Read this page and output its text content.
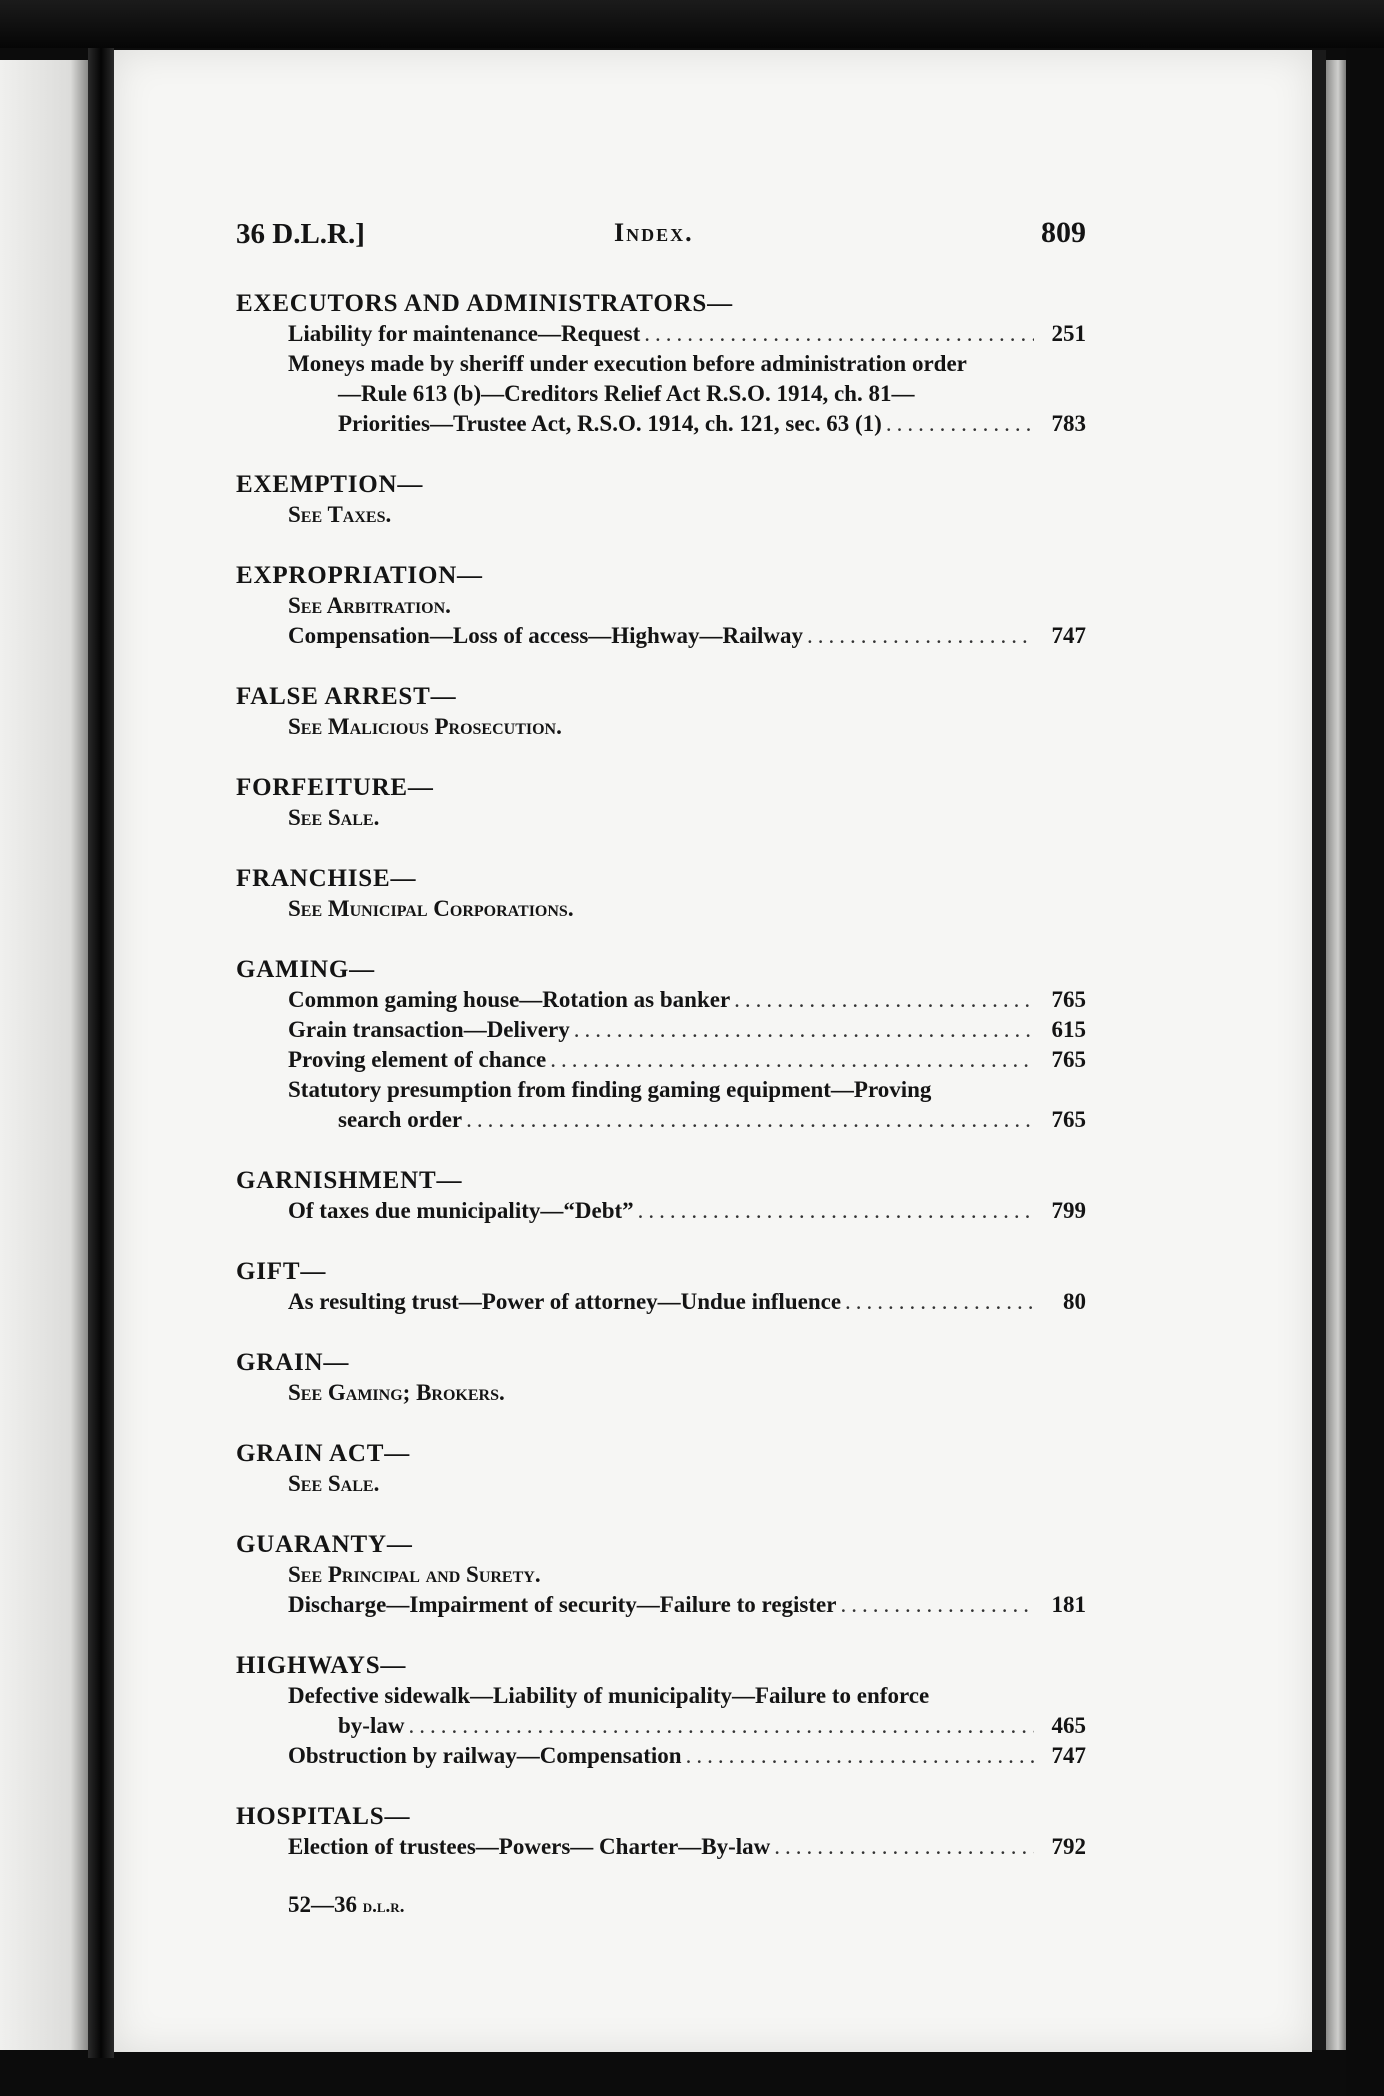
36 D.L.R.]	Index.	809
EXECUTORS AND ADMINISTRATORS—
Liability for maintenance—Request .....	251
Moneys made by sheriff under execution before administration order
—Rule 613 (b)—Creditors Relief Act R.S.O. 1914, ch. 81—
Priorities—Trustee Act, R.S.O. 1914, ch. 121, sec. 63 (1) .....	783
EXEMPTION—
See Taxes.
EXPROPRIATION—
See Arbitration.
Compensation—Loss of access—Highway—Railway .....	747
FALSE ARREST—
See Malicious Prosecution.
FORFEITURE—
See Sale.
FRANCHISE—
See Municipal Corporations.
GAMING—
Common gaming house—Rotation as banker .....	765
Grain transaction—Delivery .....	615
Proving element of chance .....	765
Statutory presumption from finding gaming equipment—Proving
search order .....	765
GARNISHMENT—
Of taxes due municipality—“Debt” .....	799
GIFT—
As resulting trust—Power of attorney—Undue influence .....	80
GRAIN—
See Gaming; Brokers.
GRAIN ACT—
See Sale.
GUARANTY—
See Principal and Surety.
Discharge—Impairment of security—Failure to register .....	181
HIGHWAYS—
Defective sidewalk—Liability of municipality—Failure to enforce
by-law .....	465
Obstruction by railway—Compensation .....	747
HOSPITALS—
Election of trustees—Powers— Charter—By-law .....	792
52—36 d.l.r.
